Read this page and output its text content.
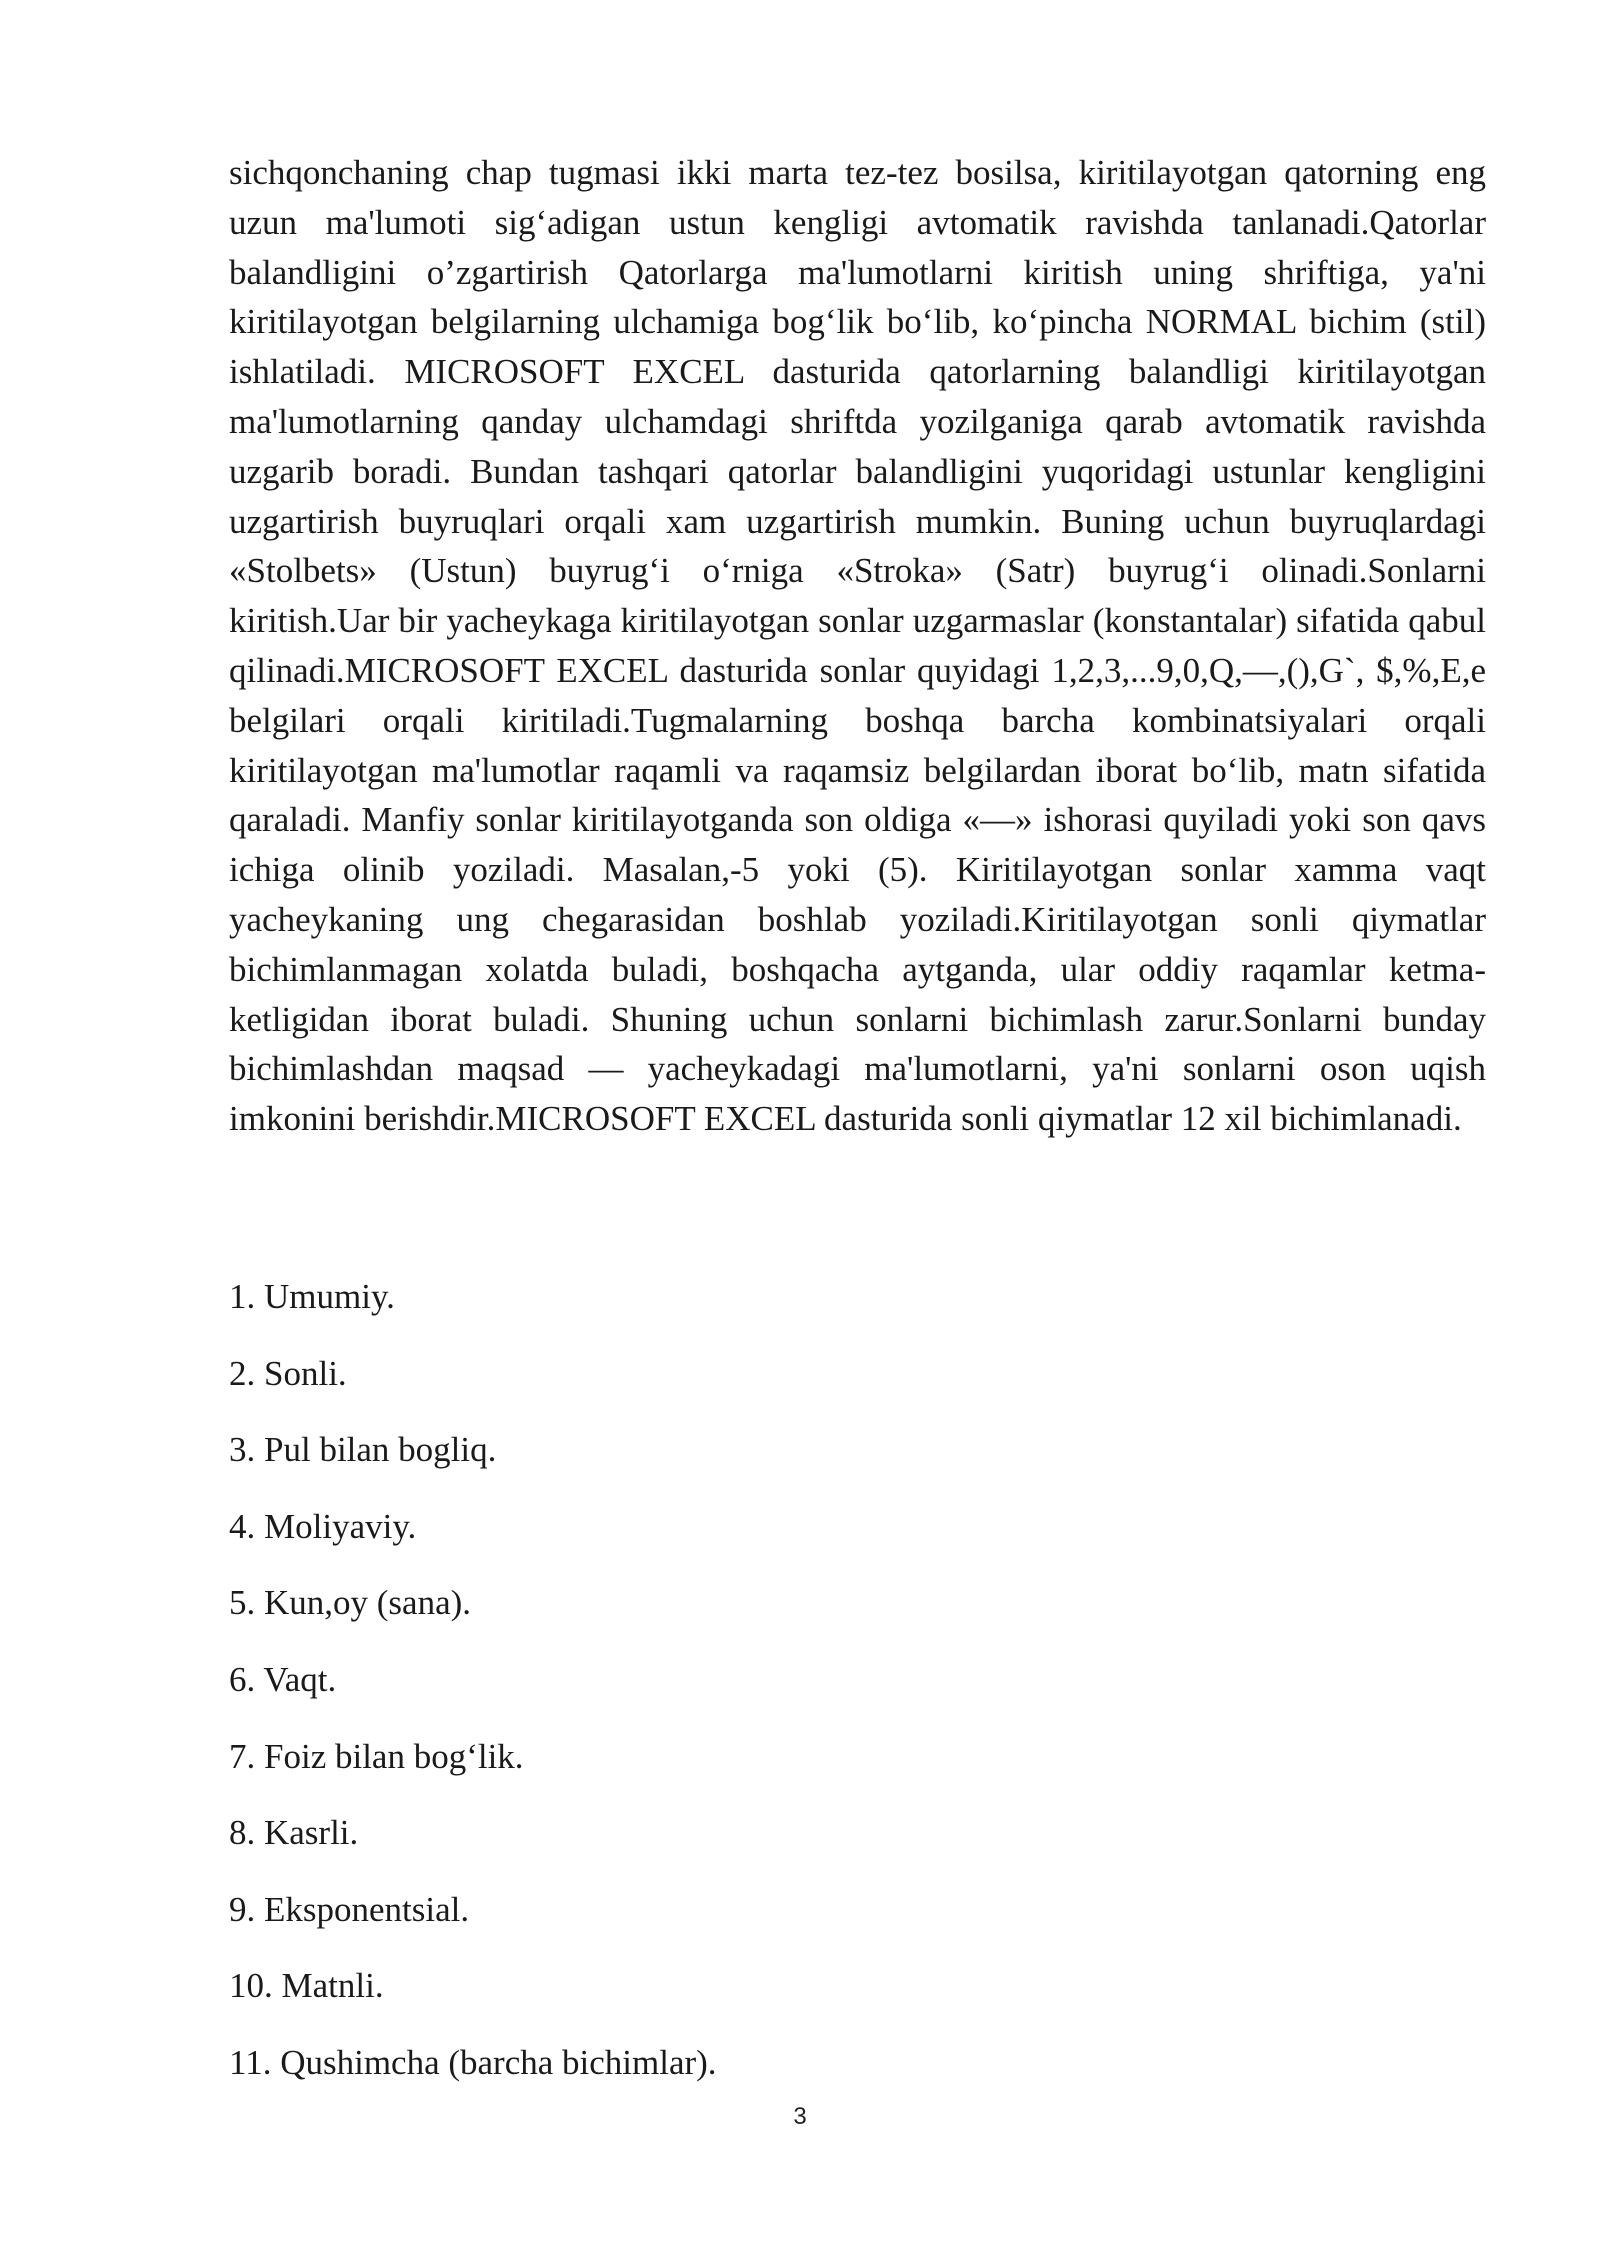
sichqonchaning chap tugmasi ikki marta tez-tez bosilsa, kiritilayotgan qatorning eng uzun ma'lumoti sig‘adigan ustun kengligi avtomatik ravishda tanlanadi.Qatorlar balandligini o’zgartirish Qatorlarga ma'lumotlarni kiritish uning shriftiga, ya'ni kiritilayotgan belgilarning ulchamiga bog‘lik bo‘lib, ko‘pincha NORMAL bichim (stil) ishlatiladi. MICROSOFT EXCEL dasturida qatorlarning balandligi kiritilayotgan ma'lumotlarning qanday ulchamdagi shriftda yozilganiga qarab avtomatik ravishda uzgarib boradi. Bundan tashqari qatorlar balandligini yuqoridagi ustunlar kengligini uzgartirish buyruqlari orqali xam uzgartirish mumkin. Buning uchun buyruqlardagi «Stolbets» (Ustun) buyrug‘i o‘rniga «Stroka» (Satr) buyrug‘i olinadi.Sonlarni kiritish.Uar bir yacheykaga kiritilayotgan sonlar uzgarmaslar (konstantalar) sifatida qabul qilinadi.MICROSOFT EXCEL dasturida sonlar quyidagi 1,2,3,...9,0,Q,—,(),G`, $,%,E,e belgilari orqali kiritiladi.Tugmalarning boshqa barcha kombinatsiyalari orqali kiritilayotgan ma'lumotlar raqamli va raqamsiz belgilardan iborat bo‘lib, matn sifatida qaraladi. Manfiy sonlar kiritilayotganda son oldiga «—» ishorasi quyiladi yoki son qavs ichiga olinib yoziladi. Masalan,-5 yoki (5). Kiritilayotgan sonlar xamma vaqt yacheykaning ung chegarasidan boshlab yoziladi.Kiritilayotgan sonli qiymatlar bichimlanmagan xolatda buladi, boshqacha aytganda, ular oddiy raqamlar ketma-ketligidan iborat buladi. Shuning uchun sonlarni bichimlash zarur.Sonlarni bunday bichimlashdan maqsad — yacheykadagi ma'lumotlarni, ya'ni sonlarni oson uqish imkonini berishdir.MICROSOFT EXCEL dasturida sonli qiymatlar 12 xil bichimlanadi.

1. Umumiy.
2. Sonli.
3. Pul bilan bogliq.
4. Moliyaviy.
5. Kun,oy (sana).
6. Vaqt.
7. Foiz bilan bog‘lik.
8. Kasrli.
9. Eksponentsial.
10. Matnli.
11. Qushimcha (barcha bichimlar).
3
